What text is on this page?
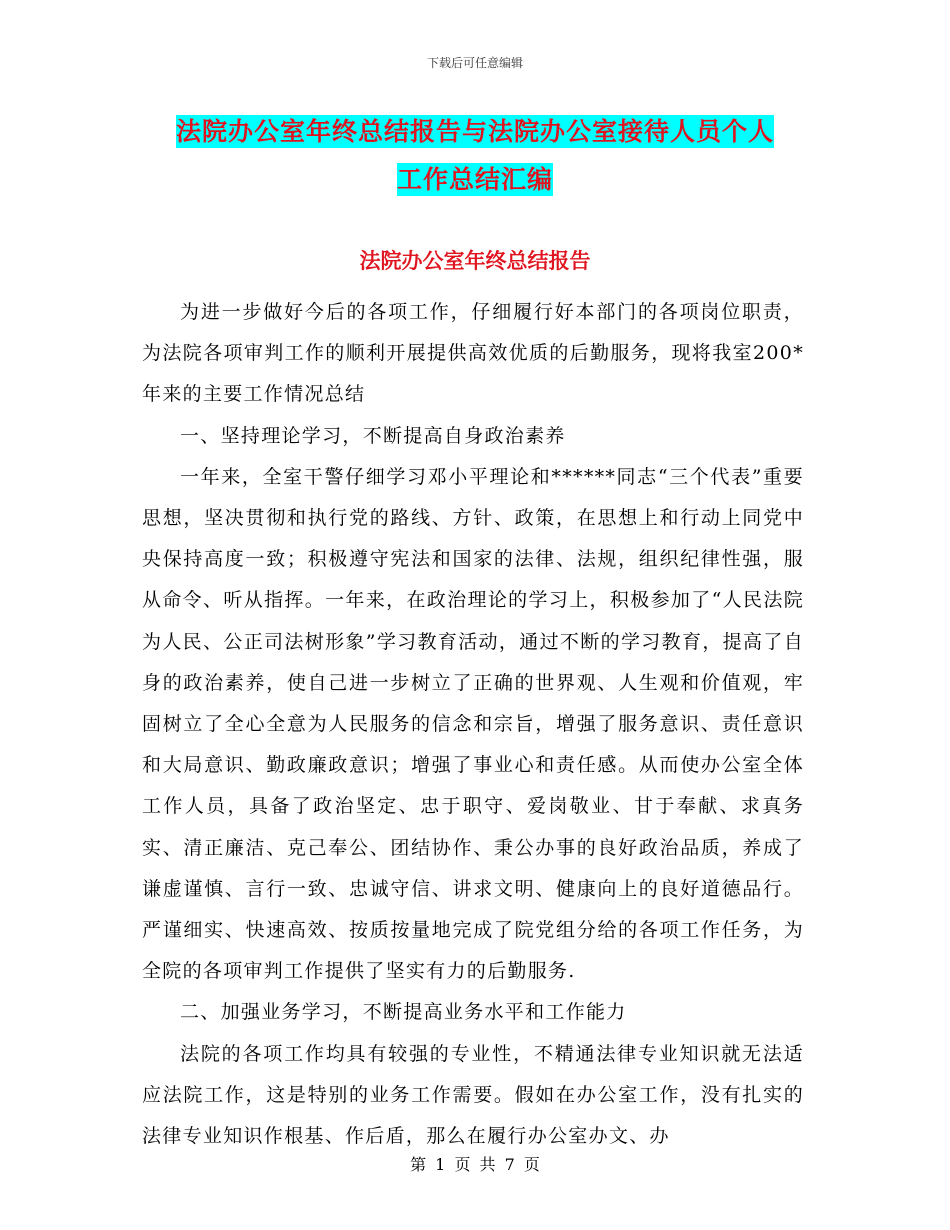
下载后可任意编辑
法院办公室年终总结报告与法院办公室接待人员个人
工作总结汇编
法院办公室年终总结报告

为进一步做好今后的各项工作，仔细履行好本部门的各项岗位职责，为法院各项审判工作的顺利开展提供高效优质的后勤服务，现将我室200*年来的主要工作情况总结

一、坚持理论学习，不断提高自身政治素养

一年来，全室干警仔细学习邓小平理论和******同志“三个代表”重要思想，坚决贯彻和执行党的路线、方针、政策，在思想上和行动上同党中央保持高度一致；积极遵守宪法和国家的法律、法规，组织纪律性强，服从命令、听从指挥。一年来，在政治理论的学习上，积极参加了“人民法院为人民、公正司法树形象”学习教育活动，通过不断的学习教育，提高了自身的政治素养，使自己进一步树立了正确的世界观、人生观和价值观，牢固树立了全心全意为人民服务的信念和宗旨，增强了服务意识、责任意识和大局意识、勤政廉政意识；增强了事业心和责任感。从而使办公室全体工作人员，具备了政治坚定、忠于职守、爱岗敬业、甘于奉献、求真务实、清正廉洁、克己奉公、团结协作、秉公办事的良好政治品质，养成了谦虚谨慎、言行一致、忠诚守信、讲求文明、健康向上的良好道德品行。严谨细实、快速高效、按质按量地完成了院党组分给的各项工作任务，为全院的各项审判工作提供了坚实有力的后勤服务.

二、加强业务学习，不断提高业务水平和工作能力

法院的各项工作均具有较强的专业性，不精通法律专业知识就无法适应法院工作，这是特别的业务工作需要。假如在办公室工作，没有扎实的法律专业知识作根基、作后盾，那么在履行办公室办文、办

第 1 页 共 7 页
